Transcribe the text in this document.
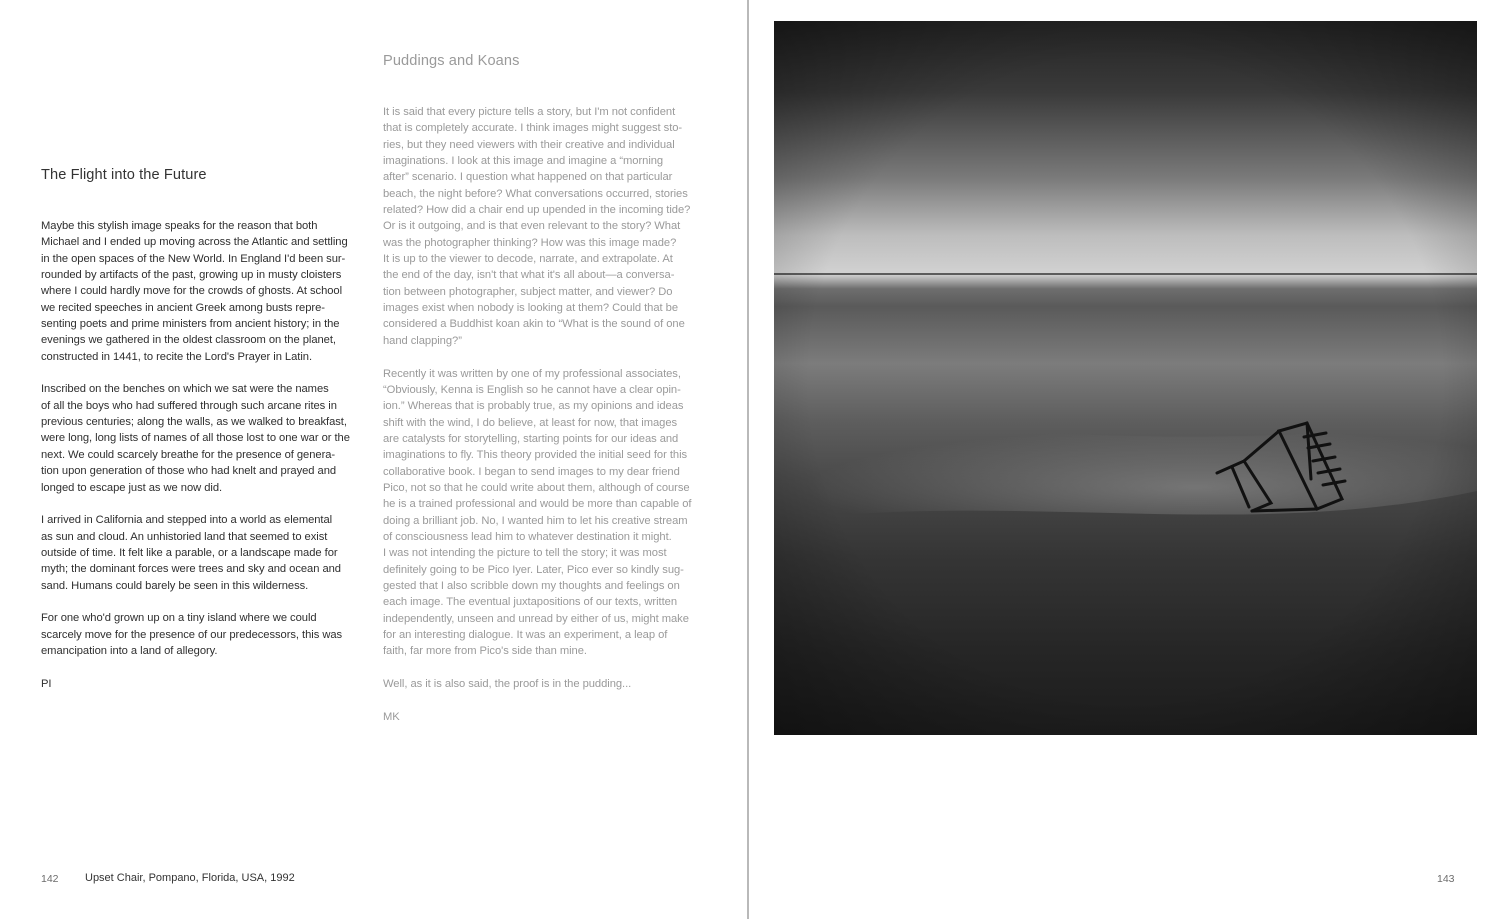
The Flight into the Future

Maybe this stylish image speaks for the reason that both
Michael and I ended up moving across the Atlantic and settling
in the open spaces of the New World. In England I'd been sur-
rounded by artifacts of the past, growing up in musty cloisters
where I could hardly move for the crowds of ghosts. At school
we recited speeches in ancient Greek among busts repre-
senting poets and prime ministers from ancient history; in the
evenings we gathered in the oldest classroom on the planet,
constructed in 1441, to recite the Lord's Prayer in Latin.

Inscribed on the benches on which we sat were the names
of all the boys who had suffered through such arcane rites in
previous centuries; along the walls, as we walked to breakfast,
were long, long lists of names of all those lost to one war or the
next. We could scarcely breathe for the presence of genera-
tion upon generation of those who had knelt and prayed and
longed to escape just as we now did.

I arrived in California and stepped into a world as elemental
as sun and cloud. An unhistoried land that seemed to exist
outside of time. It felt like a parable, or a landscape made for
myth; the dominant forces were trees and sky and ocean and
sand. Humans could barely be seen in this wilderness.

For one who'd grown up on a tiny island where we could
scarcely move for the presence of our predecessors, this was
emancipation into a land of allegory.

PI

Puddings and Koans

It is said that every picture tells a story, but I'm not confident
that is completely accurate. I think images might suggest sto-
ries, but they need viewers with their creative and individual
imaginations. I look at this image and imagine a “morning
after” scenario. I question what happened on that particular
beach, the night before? What conversations occurred, stories
related? How did a chair end up upended in the incoming tide?
Or is it outgoing, and is that even relevant to the story? What
was the photographer thinking? How was this image made?
It is up to the viewer to decode, narrate, and extrapolate. At
the end of the day, isn't that what it's all about—a conversa-
tion between photographer, subject matter, and viewer? Do
images exist when nobody is looking at them? Could that be
considered a Buddhist koan akin to “What is the sound of one
hand clapping?”

Recently it was written by one of my professional associates,
“Obviously, Kenna is English so he cannot have a clear opin-
ion.” Whereas that is probably true, as my opinions and ideas
shift with the wind, I do believe, at least for now, that images
are catalysts for storytelling, starting points for our ideas and
imaginations to fly. This theory provided the initial seed for this
collaborative book. I began to send images to my dear friend
Pico, not so that he could write about them, although of course
he is a trained professional and would be more than capable of
doing a brilliant job. No, I wanted him to let his creative stream
of consciousness lead him to whatever destination it might.
I was not intending the picture to tell the story; it was most
definitely going to be Pico Iyer. Later, Pico ever so kindly sug-
gested that I also scribble down my thoughts and feelings on
each image. The eventual juxtapositions of our texts, written
independently, unseen and unread by either of us, might make
for an interesting dialogue. It was an experiment, a leap of
faith, far more from Pico's side than mine.

Well, as it is also said, the proof is in the pudding...

MK

142 Upset Chair, Pompano, Florida, USA, 1992	143
